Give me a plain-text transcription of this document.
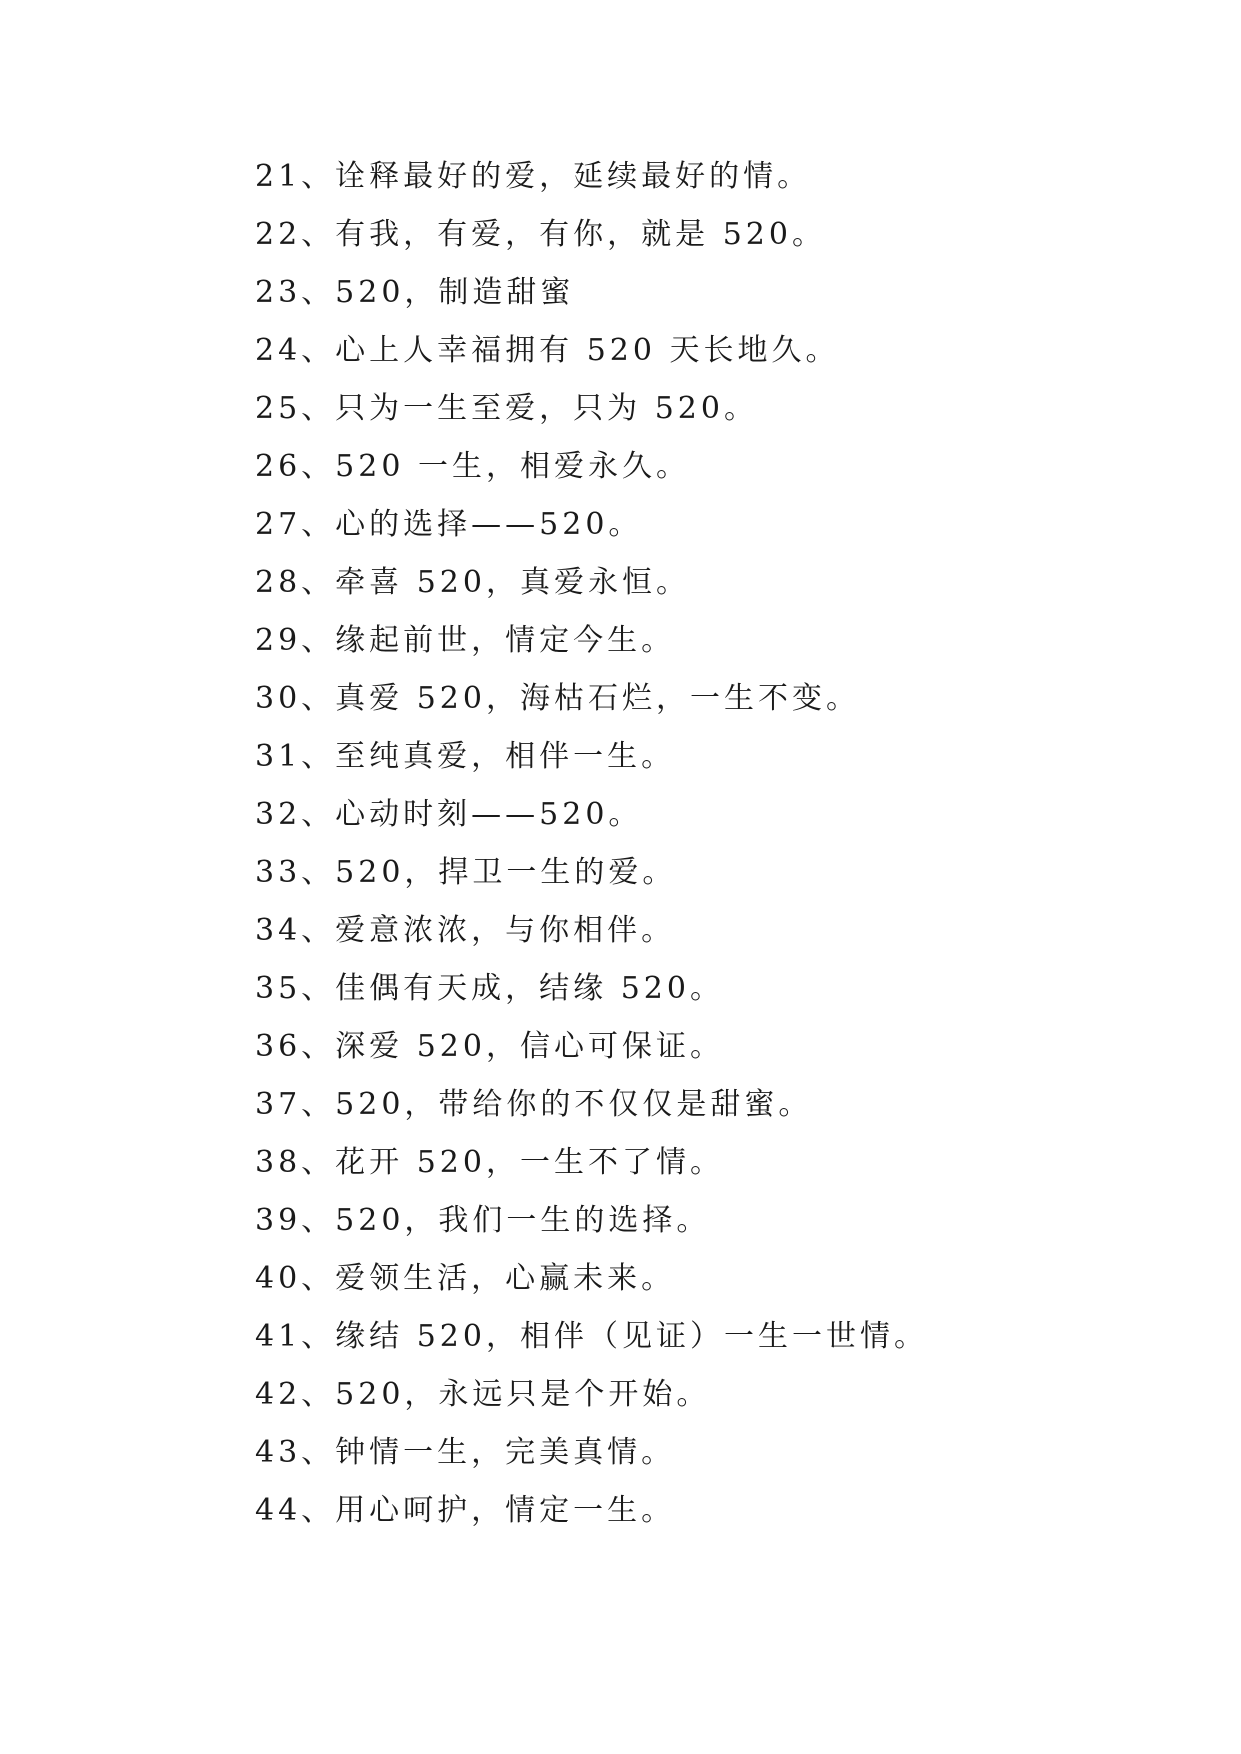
21、诠释最好的爱，延续最好的情。
22、有我，有爱，有你，就是 520。
23、520，制造甜蜜
24、心上人幸福拥有 520 天长地久。
25、只为一生至爱，只为 520。
26、520 一生，相爱永久。
27、心的选择——520。
28、牵喜 520，真爱永恒。
29、缘起前世，情定今生。
30、真爱 520，海枯石烂，一生不变。
31、至纯真爱，相伴一生。
32、心动时刻——520。
33、520，捍卫一生的爱。
34、爱意浓浓，与你相伴。
35、佳偶有天成，结缘 520。
36、深爱 520，信心可保证。
37、520，带给你的不仅仅是甜蜜。
38、花开 520，一生不了情。
39、520，我们一生的选择。
40、爱领生活，心赢未来。
41、缘结 520，相伴（见证）一生一世情。
42、520，永远只是个开始。
43、钟情一生，完美真情。
44、用心呵护，情定一生。
